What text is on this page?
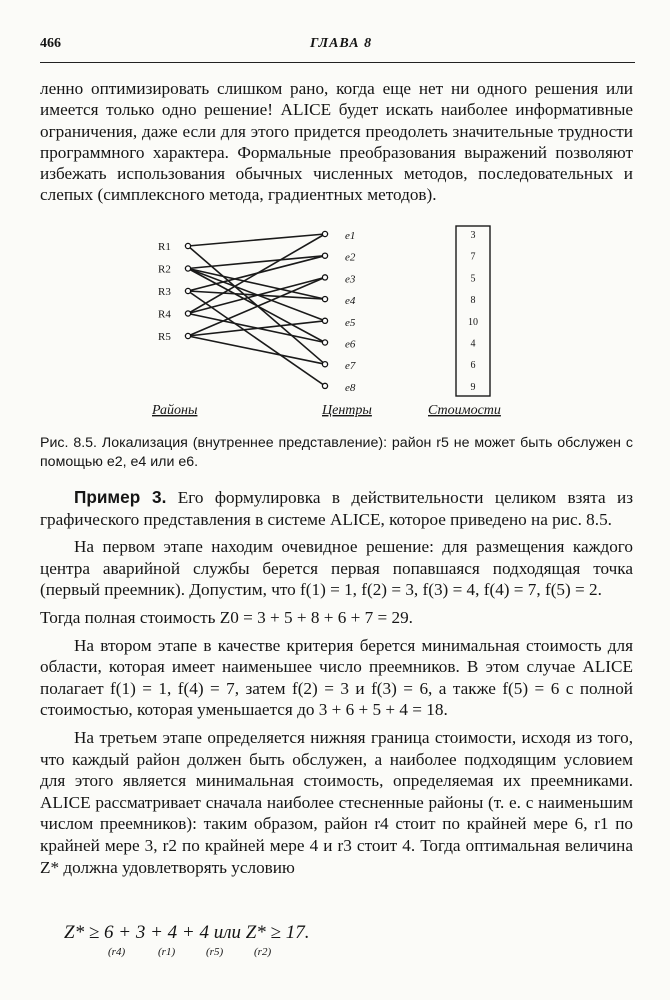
466	ГЛАВА 8
ленно оптимизировать слишком рано, когда еще нет ни одного решения или имеется только одно решение! ALICE будет искать наиболее информативные ограничения, даже если для этого придется преодолеть значительные трудности программного характера. Формальные преобразования выражений позволяют избежать использования обычных численных методов, последовательных и слепых (симплексного метода, градиентных методов).
R1
R2
R3
R4
R5
e1
e2
e3
e4
e5
e6
e7
e8
3
7
5
8
10
4
6
9
Районы	Центры	Стоимости
Рис. 8.5. Локализация (внутреннее представление): район r5 не может быть обслужен с помощью e2, e4 или e6.

Пример 3. Его формулировка в действительности целиком взята из графического представления в системе ALICE, которое приведено на рис. 8.5.

На первом этапе находим очевидное решение: для размещения каждого центра аварийной службы берется первая попавшаяся подходящая точка (первый преемник). Допустим, что f(1) = 1, f(2) = 3, f(3) = 4, f(4) = 7, f(5) = 2.

Тогда полная стоимость Z0 = 3 + 5 + 8 + 6 + 7 = 29.

На втором этапе в качестве критерия берется минимальная стоимость для области, которая имеет наименьшее число преемников. В этом случае ALICE полагает f(1) = 1, f(4) = 7, затем f(2) = 3 и f(3) = 6, а также f(5) = 6 с полной стоимостью, которая уменьшается до 3 + 6 + 5 + 4 = 18.

На третьем этапе определяется нижняя граница стоимости, исходя из того, что каждый район должен быть обслужен, а наиболее подходящим условием для этого является минимальная стоимость, определяемая их преемниками. ALICE рассматривает сначала наиболее стесненные районы (т. е. с наименьшим числом преемников): таким образом, район r4 стоит по крайней мере 6, r1 по крайней мере 3, r2 по крайней мере 4 и r3 стоит 4. Тогда оптимальная величина Z* должна удовлетворять условию

Z* ≥ 6 + 3 + 4 + 4 или Z* ≥ 17.
(r4)	(r1)	(r5)	(r2)
